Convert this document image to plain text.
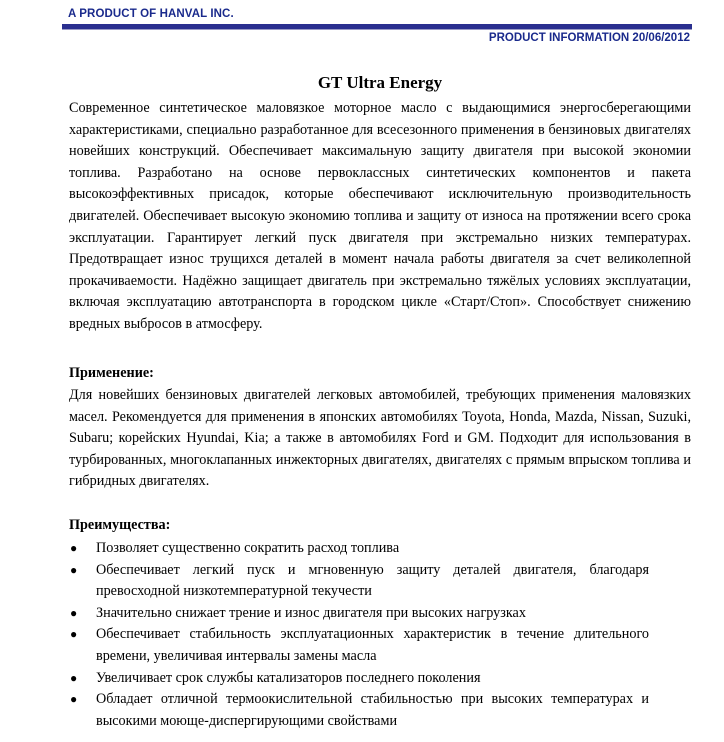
A PRODUCT OF HANVAL INC.
PRODUCT INFORMATION 20/06/2012
GT Ultra Energy
Современное синтетическое маловязкое моторное масло с выдающимися энергосберегающими характеристиками, специально разработанное для всесезонного применения в бензиновых двигателях новейших конструкций. Обеспечивает максимальную защиту двигателя при высокой экономии топлива. Разработано на основе первоклассных синтетических компонентов и пакета высокоэффективных присадок, которые обеспечивают исключительную производительность двигателей. Обеспечивает высокую экономию топлива и защиту от износа на протяжении всего срока эксплуатации. Гарантирует легкий пуск двигателя при экстремально низких температурах. Предотвращает износ трущихся деталей в момент начала работы двигателя за счет великолепной прокачиваемости. Надёжно защищает двигатель при экстремально тяжёлых условиях эксплуатации, включая эксплуатацию автотранспорта в городском цикле «Старт/Стоп». Способствует снижению вредных выбросов в атмосферу.
Применение:
Для новейших бензиновых двигателей легковых автомобилей, требующих применения маловязких масел. Рекомендуется для применения в японских автомобилях Toyota, Honda, Mazda, Nissan, Suzuki, Subaru; корейских Hyundai, Kia; а также в автомобилях Ford и GM. Подходит для использования в турбированных, многоклапанных инжекторных двигателях, двигателях с прямым впрыском топлива и гибридных двигателях.
Преимущества:
● Позволяет существенно сократить расход топлива
● Обеспечивает легкий пуск и мгновенную защиту деталей двигателя, благодаря превосходной низкотемпературной текучести
● Значительно снижает трение и износ двигателя при высоких нагрузках
● Обеспечивает стабильность эксплуатационных характеристик в течение длительного времени, увеличивая интервалы замены масла
● Увеличивает срок службы катализаторов последнего поколения
● Обладает отличной термоокислительной стабильностью при высоких температурах и высокими моюще-диспергирующими свойствами
